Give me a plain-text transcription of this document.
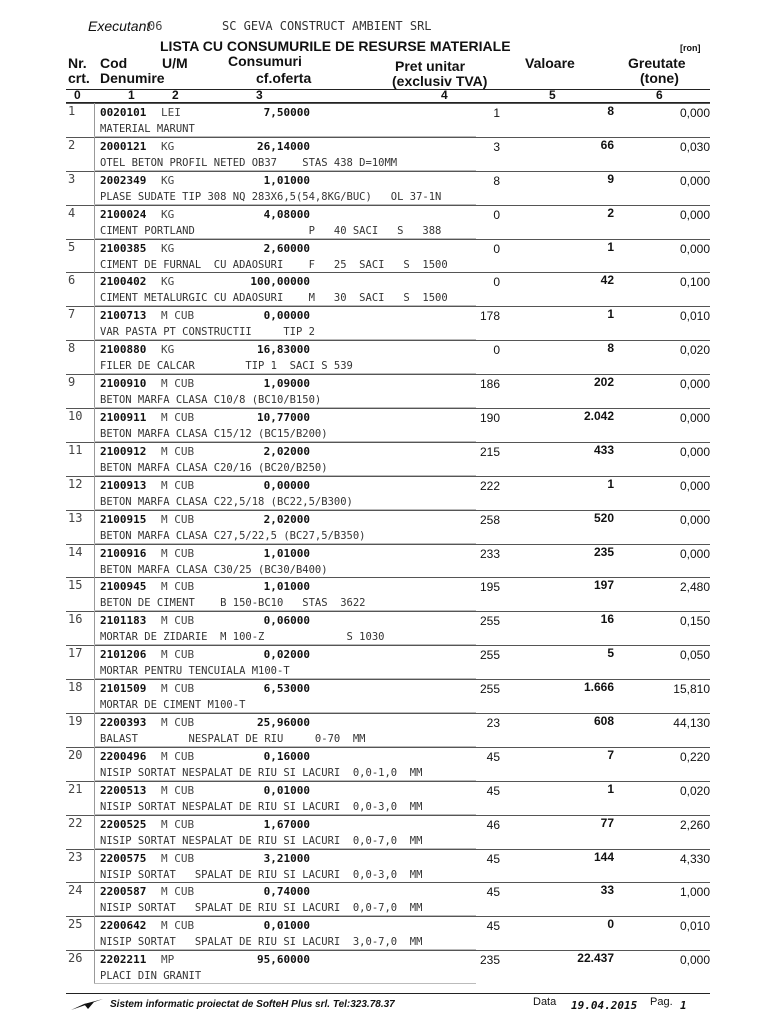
Executant
06	SC GEVA CONSTRUCT AMBIENT SRL
LISTA CU CONSUMURILE DE RESURSE MATERIALE	[ron]
Nr.
crt.
Cod U/M
Denumire
Consumuri
cf.oferta
Pret unitar
(exclusiv TVA)
Valoare	Greutate
(tone)
0	1	2	3	4	5	6
1 0020101 LEI	7,50000	1	8	0,000
MATERIAL MARUNT
2 2000121 KG	26,14000	3	66	0,030
OTEL BETON PROFIL NETED OB37    STAS 438 D=10MM
3 2002349 KG	1,01000	8	9	0,000
PLASE SUDATE TIP 308 NQ 283X6,5(54,8KG/BUC)   OL 37-1N
4 2100024 KG	4,08000	0	2	0,000
CIMENT PORTLAND                  P   40 SACI   S   388
5 2100385 KG	2,60000	0	1	0,000
CIMENT DE FURNAL  CU ADAOSURI    F   25  SACI   S  1500
6 2100402 KG	100,00000	0	42	0,100
CIMENT METALURGIC CU ADAOSURI    M   30  SACI   S  1500
7 2100713 M CUB	0,00000	178	1	0,010
VAR PASTA PT CONSTRUCTII     TIP 2
8 2100880 KG	16,83000	0	8	0,020
FILER DE CALCAR        TIP 1  SACI S 539
9 2100910 M CUB	1,09000	186	202	0,000
BETON MARFA CLASA C10/8 (BC10/B150)
10 2100911 M CUB	10,77000	190	2.042	0,000
BETON MARFA CLASA C15/12 (BC15/B200)
11 2100912 M CUB	2,02000	215	433	0,000
BETON MARFA CLASA C20/16 (BC20/B250)
12 2100913 M CUB	0,00000	222	1	0,000
BETON MARFA CLASA C22,5/18 (BC22,5/B300)
13 2100915 M CUB	2,02000	258	520	0,000
BETON MARFA CLASA C27,5/22,5 (BC27,5/B350)
14 2100916 M CUB	1,01000	233	235	0,000
BETON MARFA CLASA C30/25 (BC30/B400)
15 2100945 M CUB	1,01000	195	197	2,480
BETON DE CIMENT    B 150-BC10   STAS  3622
16 2101183 M CUB	0,06000	255	16	0,150
MORTAR DE ZIDARIE  M 100-Z             S 1030
17 2101206 M CUB	0,02000	255	5	0,050
MORTAR PENTRU TENCUIALA M100-T
18 2101509 M CUB	6,53000	255	1.666	15,810
MORTAR DE CIMENT M100-T
19 2200393 M CUB	25,96000	23	608	44,130
BALAST        NESPALAT DE RIU     0-70  MM
20 2200496 M CUB	0,16000	45	7	0,220
NISIP SORTAT NESPALAT DE RIU SI LACURI  0,0-1,0  MM
21 2200513 M CUB	0,01000	45	1	0,020
NISIP SORTAT NESPALAT DE RIU SI LACURI  0,0-3,0  MM
22 2200525 M CUB	1,67000	46	77	2,260
NISIP SORTAT NESPALAT DE RIU SI LACURI  0,0-7,0  MM
23 2200575 M CUB	3,21000	45	144	4,330
NISIP SORTAT   SPALAT DE RIU SI LACURI  0,0-3,0  MM
24 2200587 M CUB	0,74000	45	33	1,000
NISIP SORTAT   SPALAT DE RIU SI LACURI  0,0-7,0  MM
25 2200642 M CUB	0,01000	45	0	0,010
NISIP SORTAT   SPALAT DE RIU SI LACURI  3,0-7,0  MM
26 2202211 MP	95,60000	235	22.437	0,000
PLACI DIN GRANIT
Sistem informatic proiectat de SofteH Plus srl. Tel:323.78.37	Data 19.04.2015 Pag. 1
